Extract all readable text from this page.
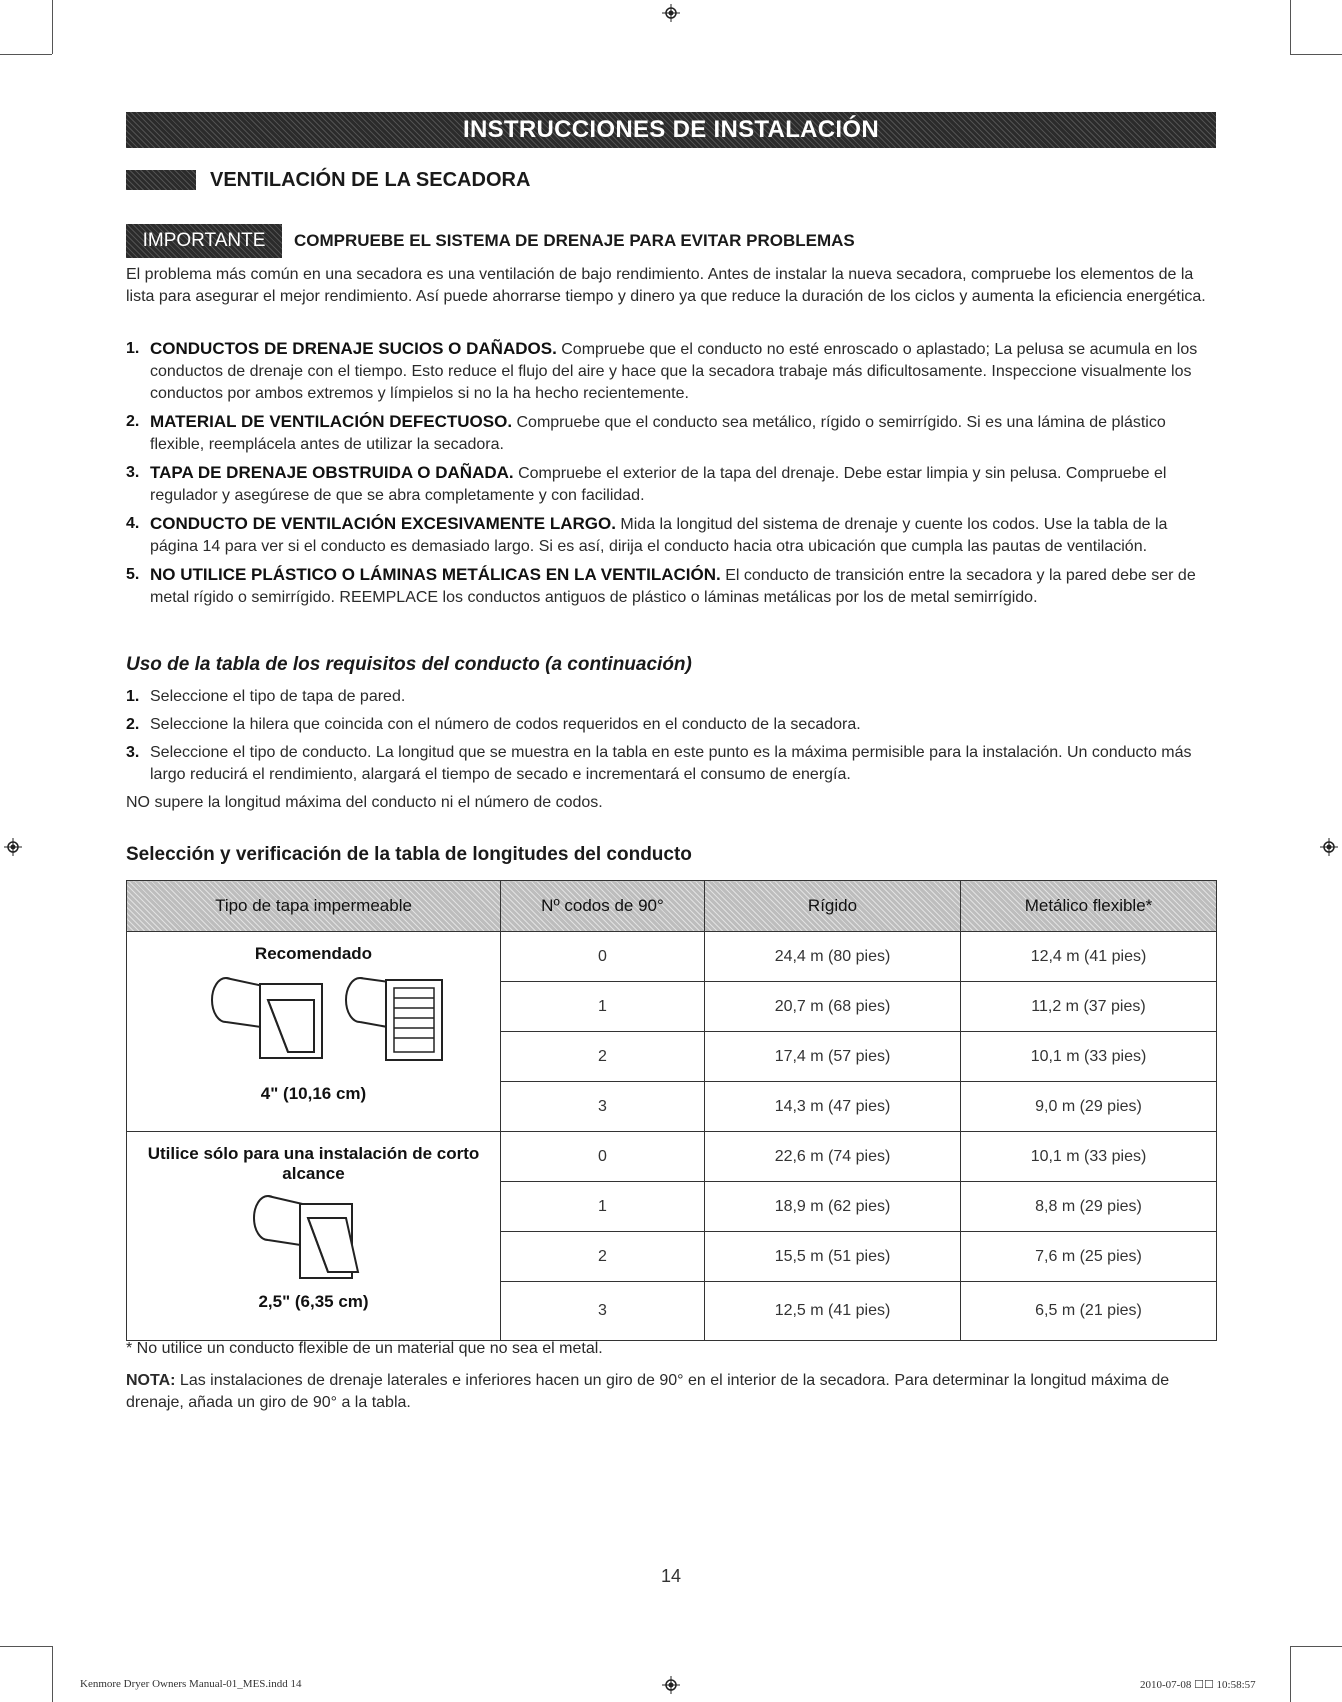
INSTRUCCIONES DE INSTALACIÓN
VENTILACIÓN DE LA SECADORA
IMPORTANTE	COMPRUEBE EL SISTEMA DE DRENAJE PARA EVITAR PROBLEMAS
El problema más común en una secadora es una ventilación de bajo rendimiento. Antes de instalar la nueva secadora, compruebe los elementos de la lista para asegurar el mejor rendimiento. Así puede ahorrarse tiempo y dinero ya que reduce la duración de los ciclos y aumenta la eficiencia energética.
1. CONDUCTOS DE DRENAJE SUCIOS O DAÑADOS. Compruebe que el conducto no esté enroscado o aplastado; La pelusa se acumula en los conductos de drenaje con el tiempo. Esto reduce el flujo del aire y hace que la secadora trabaje más dificultosamente. Inspeccione visualmente los conductos por ambos extremos y límpielos si no la ha hecho recientemente.
2. MATERIAL DE VENTILACIÓN DEFECTUOSO. Compruebe que el conducto sea metálico, rígido o semirrígido. Si es una lámina de plástico flexible, reemplácela antes de utilizar la secadora.
3. TAPA DE DRENAJE OBSTRUIDA O DAÑADA. Compruebe el exterior de la tapa del drenaje. Debe estar limpia y sin pelusa. Compruebe el regulador y asegúrese de que se abra completamente y con facilidad.
4. CONDUCTO DE VENTILACIÓN EXCESIVAMENTE LARGO. Mida la longitud del sistema de drenaje y cuente los codos. Use la tabla de la página 14 para ver si el conducto es demasiado largo. Si es así, dirija el conducto hacia otra ubicación que cumpla las pautas de ventilación.
5. NO UTILICE PLÁSTICO O LÁMINAS METÁLICAS EN LA VENTILACIÓN. El conducto de transición entre la secadora y la pared debe ser de metal rígido o semirrígido. REEMPLACE los conductos antiguos de plástico o láminas metálicas por los de metal semirrígido.
Uso de la tabla de los requisitos del conducto (a continuación)
1. Seleccione el tipo de tapa de pared.
2. Seleccione la hilera que coincida con el número de codos requeridos en el conducto de la secadora.
3. Seleccione el tipo de conducto. La longitud que se muestra en la tabla en este punto es la máxima permisible para la instalación. Un conducto más largo reducirá el rendimiento, alargará el tiempo de secado e incrementará el consumo de energía.
NO supere la longitud máxima del conducto ni el número de codos.
Selección y verificación de la tabla de longitudes del conducto
Tipo de tapa impermeable	Nº codos de 90°	Rígido	Metálico flexible*

Recomendado
4" (10,16 cm)	0	24,4 m (80 pies)	12,4 m (41 pies)
	1	20,7 m (68 pies)	11,2 m (37 pies)
	2	17,4 m (57 pies)	10,1 m (33 pies)
	3	14,3 m (47 pies)	9,0 m (29 pies)

Utilice sólo para una instalación de corto alcance
2,5" (6,35 cm)	0	22,6 m (74 pies)	10,1 m (33 pies)
	1	18,9 m (62 pies)	8,8 m (29 pies)
	2	15,5 m (51 pies)	7,6 m (25 pies)
	3	12,5 m (41 pies)	6,5 m (21 pies)
* No utilice un conducto flexible de un material que no sea el metal.
NOTA: Las instalaciones de drenaje laterales e inferiores hacen un giro de 90° en el interior de la secadora. Para determinar la longitud máxima de drenaje, añada un giro de 90° a la tabla.
14
Kenmore Dryer Owners Manual-01_MES.indd 14	2010-07-08 ☐☐ 10:58:57
